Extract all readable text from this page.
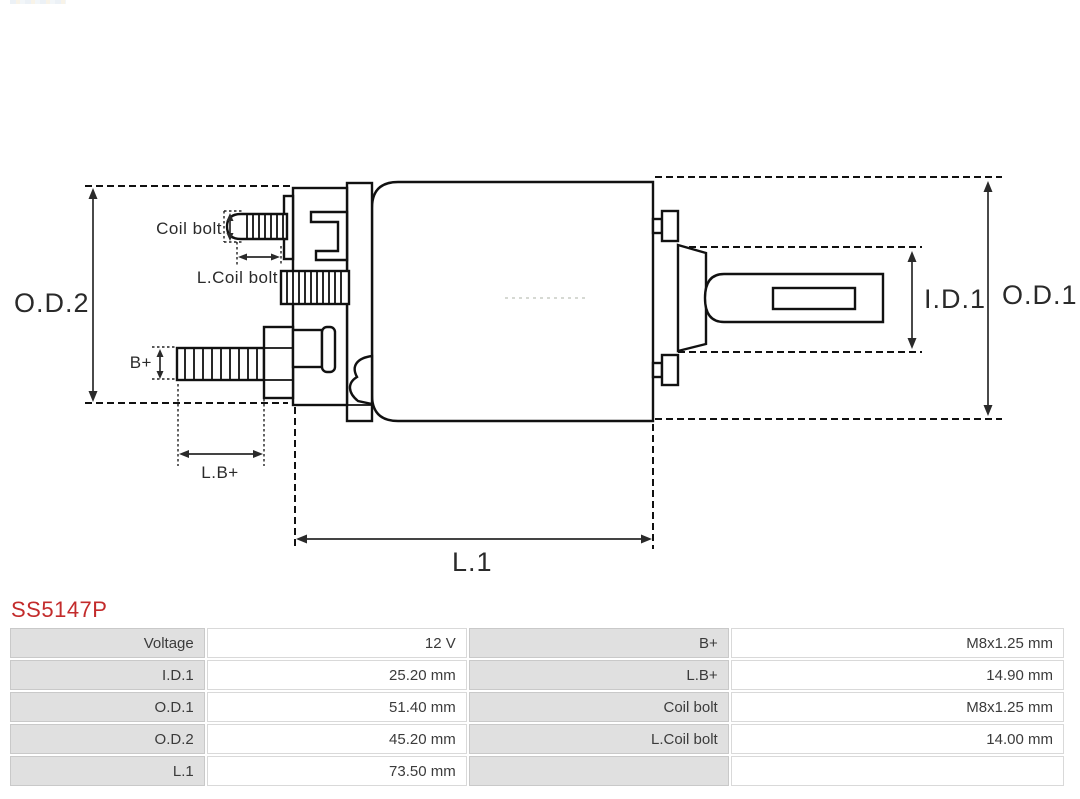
O.D.2	O.D.1
I.D.1
L.1
Coil bolt
L.Coil bolt
B+
L.B+
SS5147P
Voltage	12 V	B+	M8x1.25 mm
I.D.1	25.20 mm	L.B+	14.90 mm
O.D.1	51.40 mm	Coil bolt	M8x1.25 mm
O.D.2	45.20 mm	L.Coil bolt	14.00 mm
L.1	73.50 mm		
